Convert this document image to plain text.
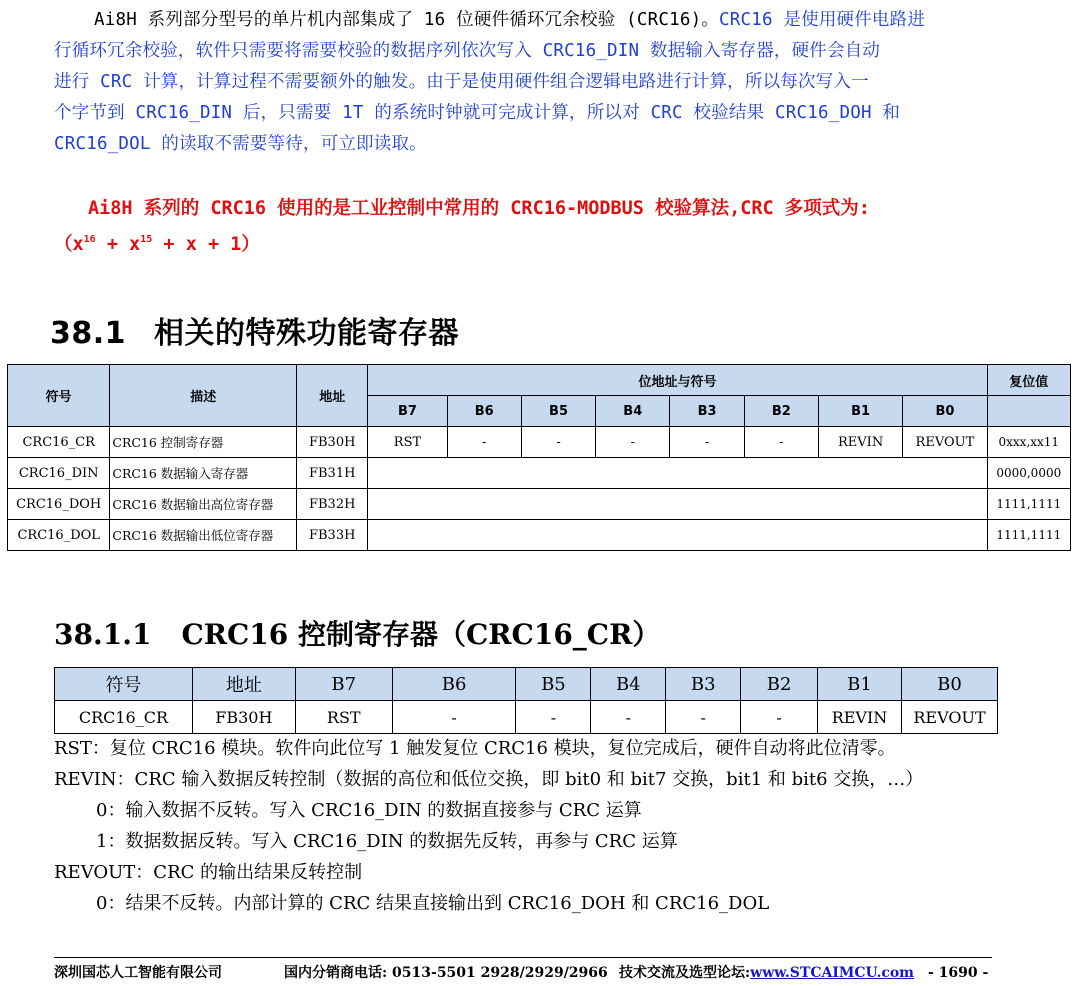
Ai8H 系列部分型号的单片机内部集成了 16 位硬件循环冗余校验 (CRC16)。CRC16 是使用硬件电路进
行循环冗余校验，软件只需要将需要校验的数据序列依次写入 CRC16_DIN 数据输入寄存器，硬件会自动
进行 CRC 计算，计算过程不需要额外的触发。由于是使用硬件组合逻辑电路进行计算，所以每次写入一
个字节到 CRC16_DIN 后，只需要 1T 的系统时钟就可完成计算，所以对 CRC 校验结果 CRC16_DOH 和
CRC16_DOL 的读取不需要等待，可立即读取。
Ai8H 系列的 CRC16 使用的是工业控制中常用的 CRC16-MODBUS 校验算法,CRC 多项式为:
$(x^{16} + x^{15} + x + 1)$
38.1 相关的特殊功能寄存器
符号	描述	地址	位地址与符号								复位值
			B7	B6	B5	B4	B3	B2	B1	B0	
CRC16_CR	CRC16 控制寄存器	FB30H	RST	-	-	-	-	-	REVIN	REVOUT	0xxx,xx11
CRC16_DIN	CRC16 数据输入寄存器	FB31H									0000,0000
CRC16_DOH	CRC16 数据输出高位寄存器	FB32H									1111,1111
CRC16_DOL	CRC16 数据输出低位寄存器	FB33H									1111,1111
38.1.1 CRC16 控制寄存器（CRC16_CR）
符号	地址	B7	B6	B5	B4	B3	B2	B1	B0
CRC16_CR	FB30H	RST	-	-	-	-	-	REVIN	REVOUT
RST：复位 CRC16 模块。软件向此位写 1 触发复位 CRC16 模块，复位完成后，硬件自动将此位清零。
REVIN：CRC 输入数据反转控制（数据的高位和低位交换，即 bit0 和 bit7 交换，bit1 和 bit6 交换，…）
0：输入数据不反转。写入 CRC16_DIN 的数据直接参与 CRC 运算
1：数据数据反转。写入 CRC16_DIN 的数据先反转，再参与 CRC 运算
REVOUT：CRC 的输出结果反转控制
0：结果不反转。内部计算的 CRC 结果直接输出到 CRC16_DOH 和 CRC16_DOL
深圳国芯人工智能有限公司	国内分销商电话: 0513-5501 2928/2929/2966 技术交流及选型论坛:www.STCAIMCU.com - 1690 -
